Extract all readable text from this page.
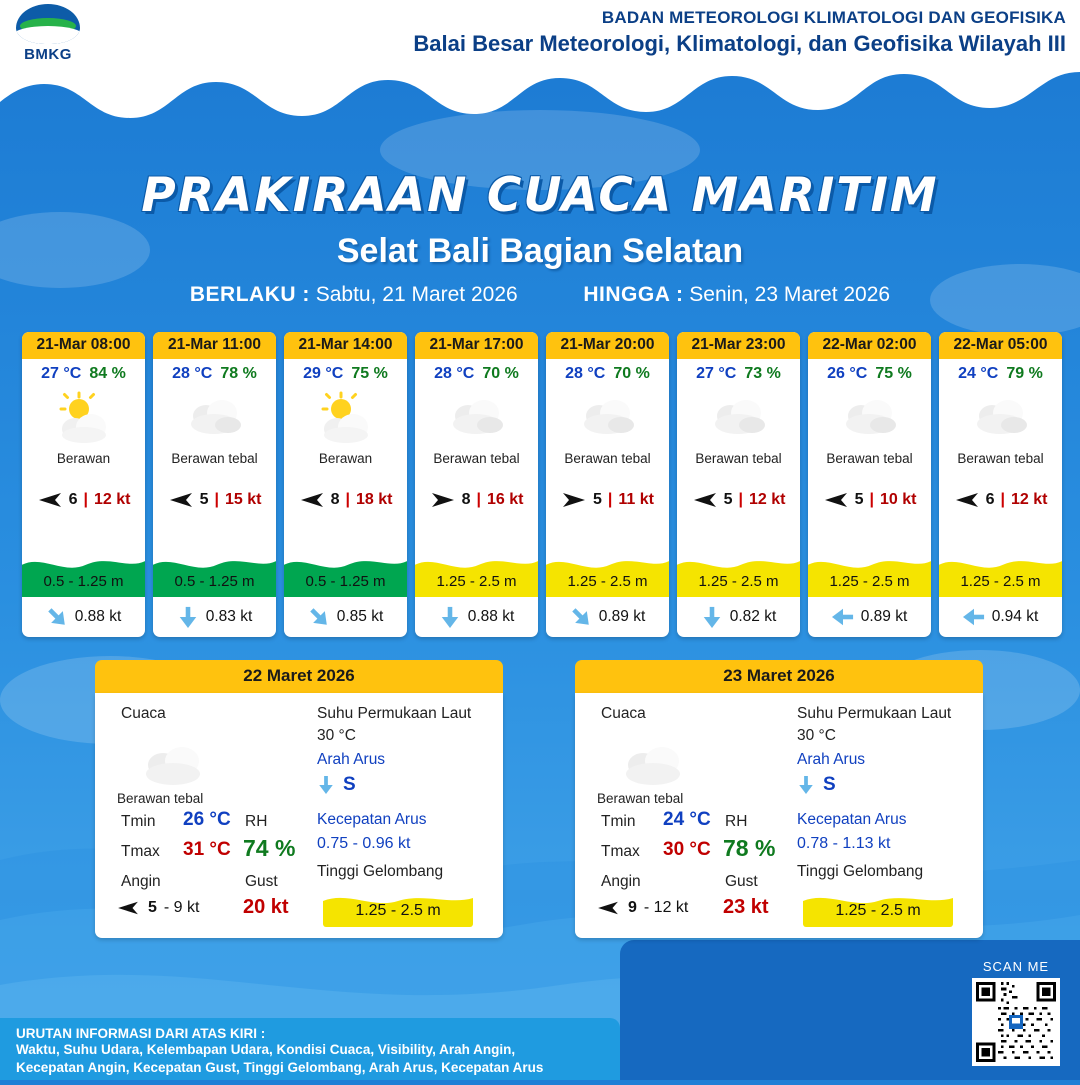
BMKG
BADAN METEOROLOGI KLIMATOLOGI DAN GEOFISIKA
Balai Besar Meteorologi, Klimatologi, dan Geofisika Wilayah III
PRAKIRAAN CUACA MARITIM
Selat Bali Bagian Selatan
BERLAKU : Sabtu, 21 Maret 2026	HINGGA : Senin, 23 Maret 2026
21-Mar 08:00
27 °C 84 %
Berawan
6 | 12 kt
0.5 - 1.25 m
0.88 kt
21-Mar 11:00
28 °C 78 %
Berawan tebal
5 | 15 kt
0.5 - 1.25 m
0.83 kt
21-Mar 14:00
29 °C 75 %
Berawan
8 | 18 kt
0.5 - 1.25 m
0.85 kt
21-Mar 17:00
28 °C 70 %
Berawan tebal
8 | 16 kt
1.25 - 2.5 m
0.88 kt
21-Mar 20:00
28 °C 70 %
Berawan tebal
5 | 11 kt
1.25 - 2.5 m
0.89 kt
21-Mar 23:00
27 °C 73 %
Berawan tebal
5 | 12 kt
1.25 - 2.5 m
0.82 kt
22-Mar 02:00
26 °C 75 %
Berawan tebal
5 | 10 kt
1.25 - 2.5 m
0.89 kt
22-Mar 05:00
24 °C 79 %
Berawan tebal
6 | 12 kt
1.25 - 2.5 m
0.94 kt
22 Maret 2026
Cuaca
Berawan tebal
Tmin 26 °C
Tmax 31 °C
Angin
5 - 9 kt
RH
74 %
Gust
20 kt
Suhu Permukaan Laut
30 °C
Arah Arus
S
Kecepatan Arus
0.75 - 0.96 kt
Tinggi Gelombang
1.25 - 2.5 m
23 Maret 2026
Cuaca
Berawan tebal
Tmin 24 °C
Tmax 30 °C
Angin
9 - 12 kt
RH
78 %
Gust
23 kt
Suhu Permukaan Laut
30 °C
Arah Arus
S
Kecepatan Arus
0.78 - 1.13 kt
Tinggi Gelombang
1.25 - 2.5 m
URUTAN INFORMASI DARI ATAS KIRI :
Waktu, Suhu Udara, Kelembapan Udara, Kondisi Cuaca, Visibility, Arah Angin,
Kecepatan Angin, Kecepatan Gust, Tinggi Gelombang, Arah Arus, Kecepatan Arus
SCAN ME
